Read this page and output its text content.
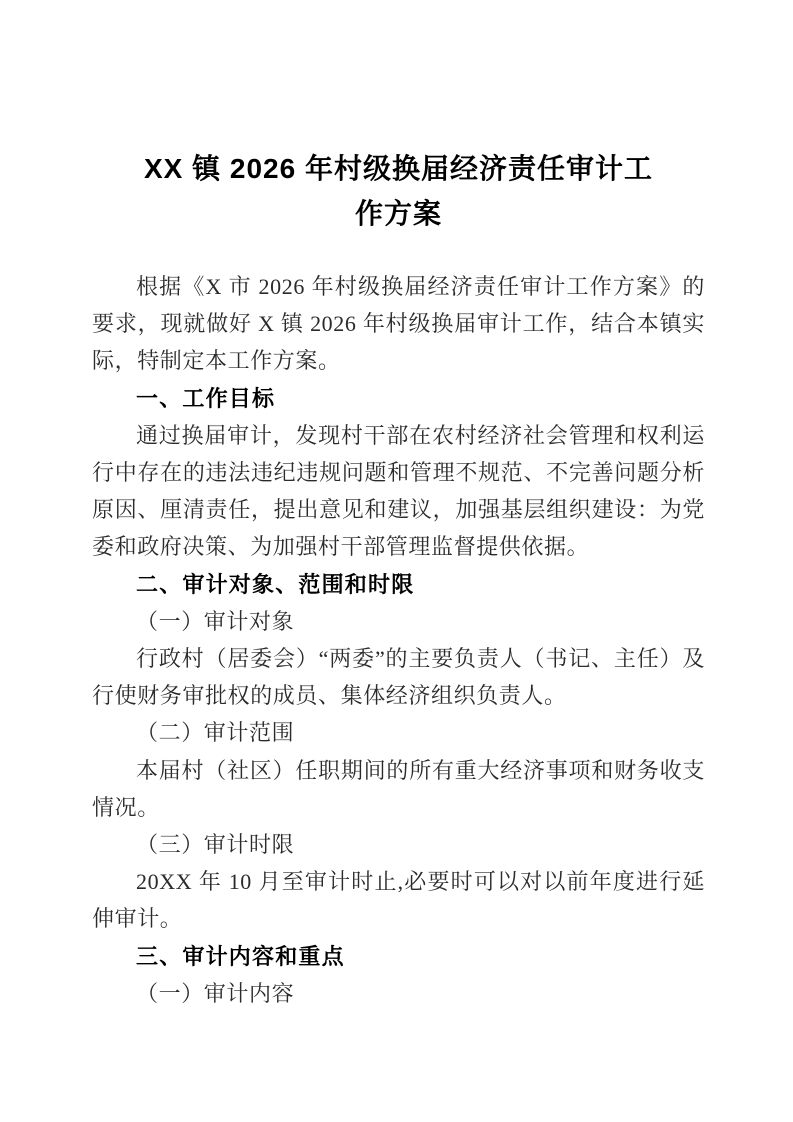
XX 镇 2026 年村级换届经济责任审计工
作方案

根据《X 市 2026 年村级换届经济责任审计工作方案》的要求，现就做好 X 镇 2026 年村级换届审计工作，结合本镇实际，特制定本工作方案。

一、工作目标

通过换届审计，发现村干部在农村经济社会管理和权利运行中存在的违法违纪违规问题和管理不规范、不完善问题分析原因、厘清责任，提出意见和建议，加强基层组织建设：为党委和政府决策、为加强村干部管理监督提供依据。

二、审计对象、范围和时限

（一）审计对象

行政村（居委会）“两委”的主要负责人（书记、主任）及行使财务审批权的成员、集体经济组织负责人。

（二）审计范围

本届村（社区）任职期间的所有重大经济事项和财务收支情况。

（三）审计时限

20XX 年 10 月至审计时止,必要时可以对以前年度进行延伸审计。

三、审计内容和重点

（一）审计内容
